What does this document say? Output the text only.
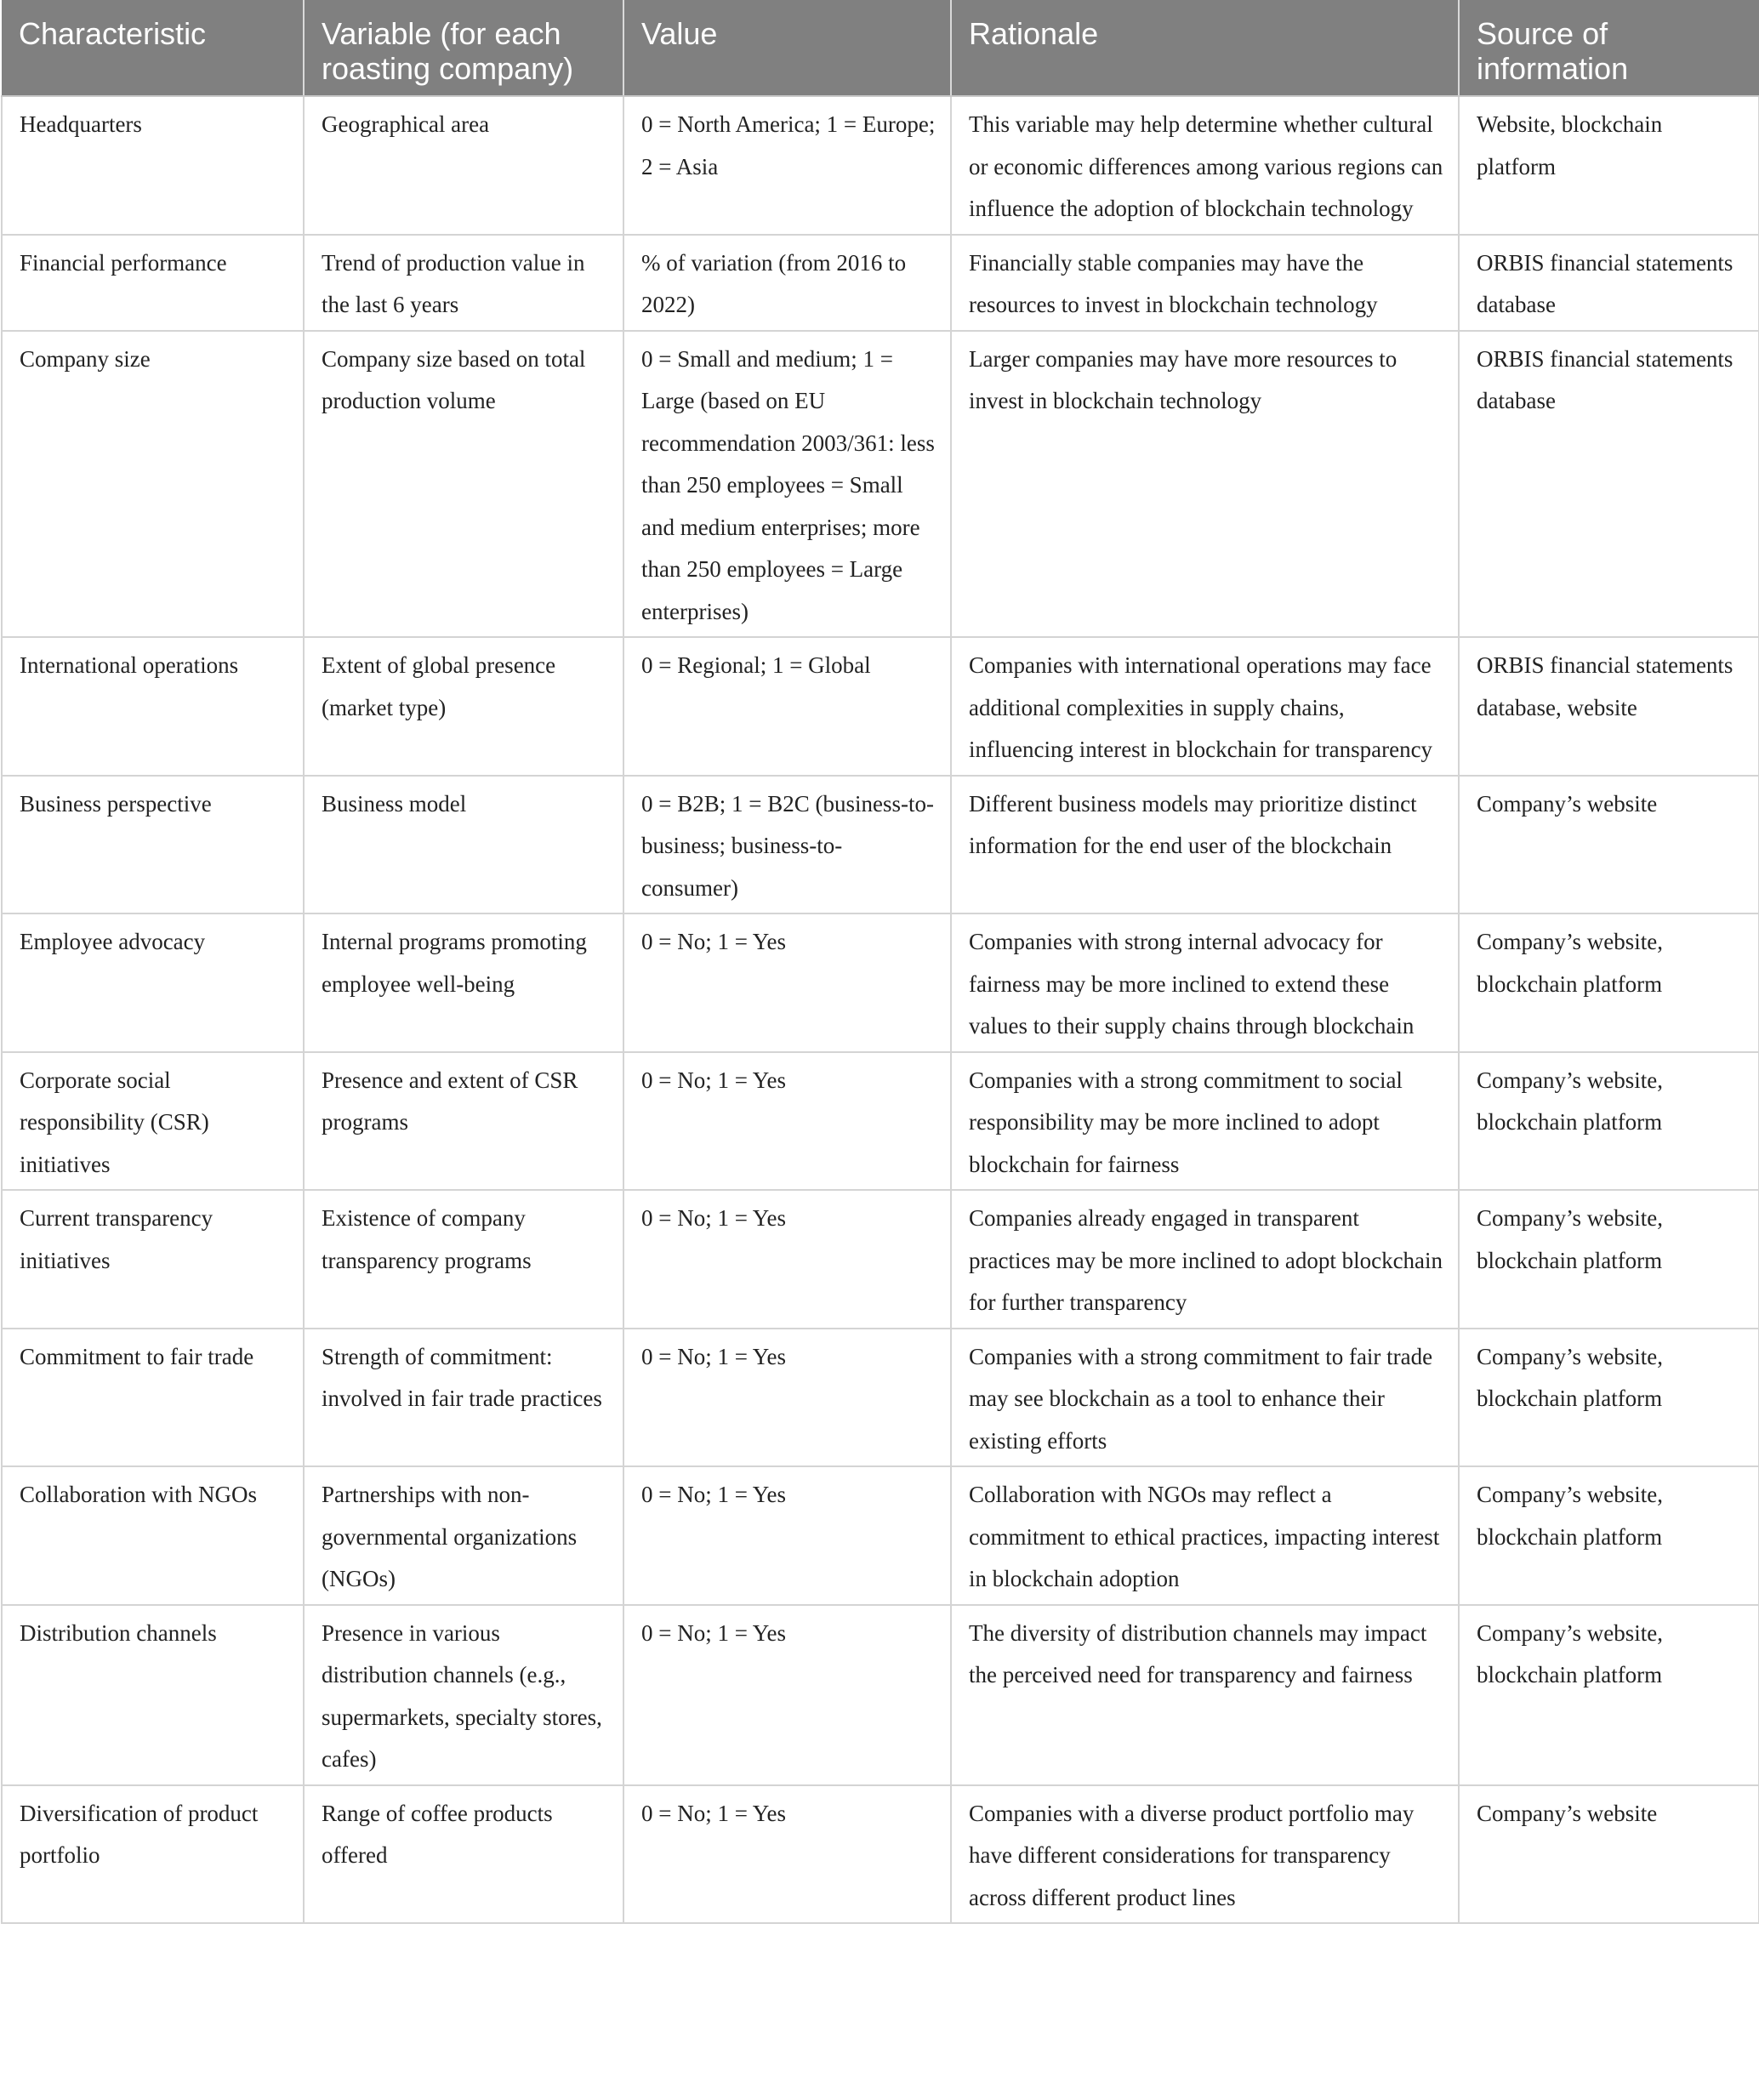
Characteristic	Variable (for each roasting company)	Value	Rationale	Source of information
Headquarters	Geographical area	0 = North America; 1 = Europe; 2 = Asia	This variable may help determine whether cultural or economic differences among various regions can influence the adoption of blockchain technology	Website, blockchain platform
Financial performance	Trend of production value in the last 6 years	% of variation (from 2016 to 2022)	Financially stable companies may have the resources to invest in blockchain technology	ORBIS financial statements database
Company size	Company size based on total production volume	0 = Small and medium; 1 = Large (based on EU recommendation 2003/361: less than 250 employees = Small and medium enterprises; more than 250 employees = Large enterprises)	Larger companies may have more resources to invest in blockchain technology	ORBIS financial statements database
International operations	Extent of global presence (market type)	0 = Regional; 1 = Global	Companies with international operations may face additional complexities in supply chains, influencing interest in blockchain for transparency	ORBIS financial statements database, website
Business perspective	Business model	0 = B2B; 1 = B2C (business-to-business; business-to-consumer)	Different business models may prioritize distinct information for the end user of the blockchain	Company’s website
Employee advocacy	Internal programs promoting employee well-being	0 = No; 1 = Yes	Companies with strong internal advocacy for fairness may be more inclined to extend these values to their supply chains through blockchain	Company’s website, blockchain platform
Corporate social responsibility (CSR) initiatives	Presence and extent of CSR programs	0 = No; 1 = Yes	Companies with a strong commitment to social responsibility may be more inclined to adopt blockchain for fairness	Company’s website, blockchain platform
Current transparency initiatives	Existence of company transparency programs	0 = No; 1 = Yes	Companies already engaged in transparent practices may be more inclined to adopt blockchain for further transparency	Company’s website, blockchain platform
Commitment to fair trade	Strength of commitment: involved in fair trade practices	0 = No; 1 = Yes	Companies with a strong commitment to fair trade may see blockchain as a tool to enhance their existing efforts	Company’s website, blockchain platform
Collaboration with NGOs	Partnerships with non-governmental organizations (NGOs)	0 = No; 1 = Yes	Collaboration with NGOs may reflect a commitment to ethical practices, impacting interest in blockchain adoption	Company’s website, blockchain platform
Distribution channels	Presence in various distribution channels (e.g., supermarkets, specialty stores, cafes)	0 = No; 1 = Yes	The diversity of distribution channels may impact the perceived need for transparency and fairness	Company’s website, blockchain platform
Diversification of product portfolio	Range of coffee products offered	0 = No; 1 = Yes	Companies with a diverse product portfolio may have different considerations for transparency across different product lines	Company’s website
